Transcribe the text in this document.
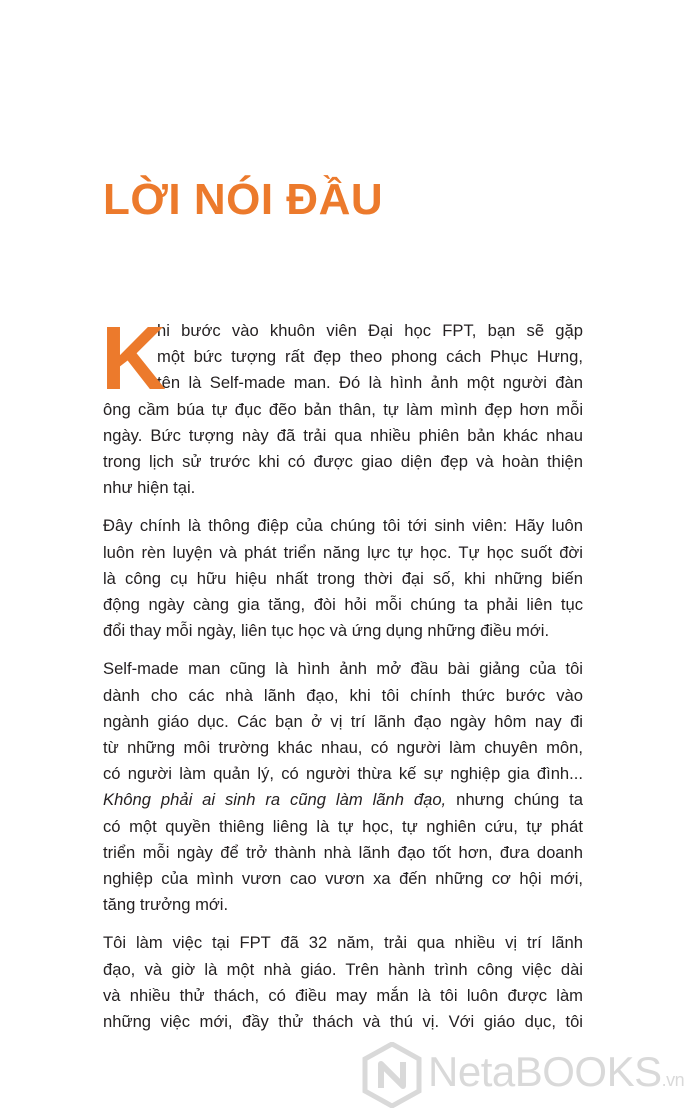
LỜI NÓI ĐẦU
K
hi bước vào khuôn viên Đại học FPT, bạn sẽ gặp
một bức tượng rất đẹp theo phong cách Phục Hưng,
tên là Self-made man. Đó là hình ảnh một người đàn
ông cầm búa tự đục đẽo bản thân, tự làm mình đẹp hơn mỗi
ngày. Bức tượng này đã trải qua nhiều phiên bản khác nhau
trong lịch sử trước khi có được giao diện đẹp và hoàn thiện
như hiện tại.
Đây chính là thông điệp của chúng tôi tới sinh viên: Hãy luôn
luôn rèn luyện và phát triển năng lực tự học. Tự học suốt đời
là công cụ hữu hiệu nhất trong thời đại số, khi những biến
động ngày càng gia tăng, đòi hỏi mỗi chúng ta phải liên tục
đổi thay mỗi ngày, liên tục học và ứng dụng những điều mới.
Self-made man cũng là hình ảnh mở đầu bài giảng của tôi
dành cho các nhà lãnh đạo, khi tôi chính thức bước vào
ngành giáo dục. Các bạn ở vị trí lãnh đạo ngày hôm nay đi
từ những môi trường khác nhau, có người làm chuyên môn,
có người làm quản lý, có người thừa kế sự nghiệp gia đình...
Không phải ai sinh ra cũng làm lãnh đạo, nhưng chúng ta
có một quyền thiêng liêng là tự học, tự nghiên cứu, tự phát
triển mỗi ngày để trở thành nhà lãnh đạo tốt hơn, đưa doanh
nghiệp của mình vươn cao vươn xa đến những cơ hội mới,
tăng trưởng mới.
Tôi làm việc tại FPT đã 32 năm, trải qua nhiều vị trí lãnh
đạo, và giờ là một nhà giáo. Trên hành trình công việc dài
và nhiều thử thách, có điều may mắn là tôi luôn được làm
những việc mới, đầy thử thách và thú vị. Với giáo dục, tôi
NetaBOOKS.vn
